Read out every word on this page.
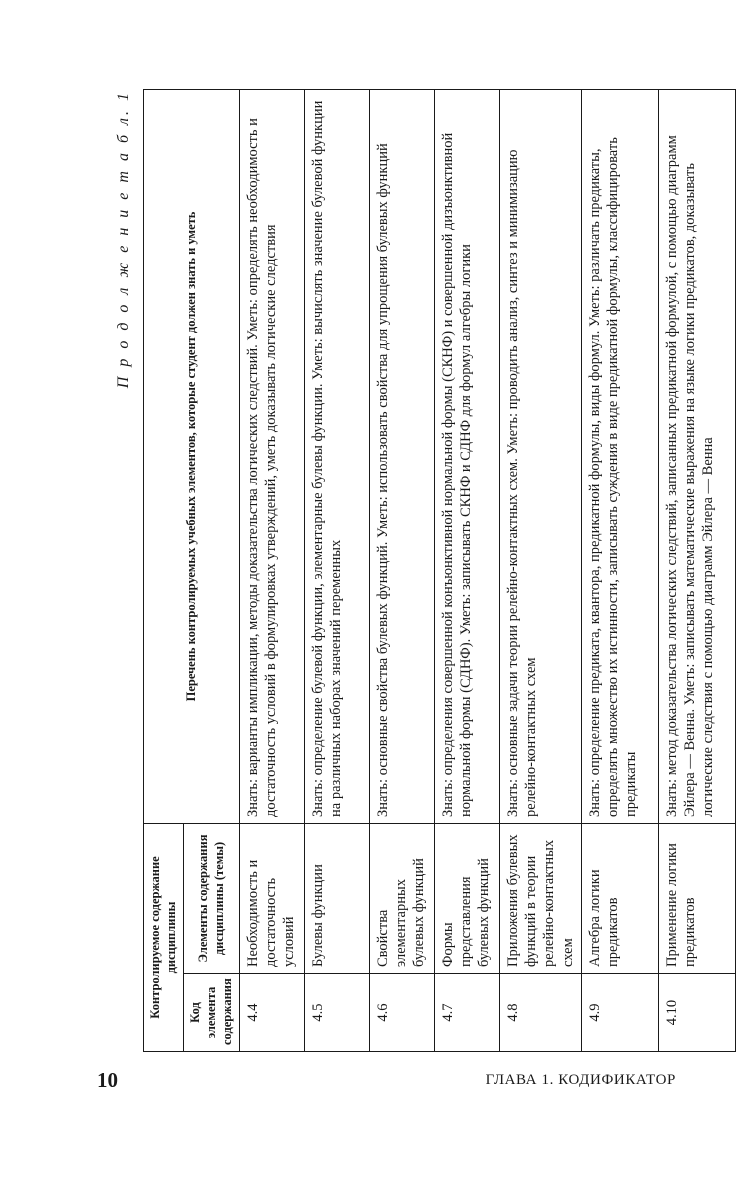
10	ГЛАВА 1. КОДИФИКАТОР
П р о д о л ж е н и е т а б л. 1
Контролируемое содержание дисциплины		Перечень контролируемых учебных элементов, которые студент должен знать и уметь
Код элемента содержания	Элементы содержания дисциплины (темы)	
4.4	Необходимость и достаточность условий	Знать: варианты импликации, методы доказательства логических следствий. Уметь: определять необходимость и достаточность условий в формулировках утверждений, уметь доказывать логические следствия
4.5	Булевы функции	Знать: определение булевой функции, элементарные булевы функции. Уметь: вычислять значение булевой функции на различных наборах значений переменных
4.6	Свойства элементарных булевых функций	Знать: основные свойства булевых функций. Уметь: использовать свойства для упрощения булевых функций
4.7	Формы представления булевых функций	Знать: определения совершенной конъюнктивной нормальной формы (СКНФ) и совершенной дизъюнктивной нормальной формы (СДНФ). Уметь: записывать СКНФ и СДНФ для формул алгебры логики
4.8	Приложения булевых функций в теории релейно-контактных схем	Знать: основные задачи теории релейно-контактных схем. Уметь: проводить анализ, синтез и минимизацию релейно-контактных схем
4.9	Алгебра логики предикатов	Знать: определение предиката, квантора, предикатной формулы, виды формул. Уметь: различать предикаты, определять множество их истинности, записывать суждения в виде предикатной формулы, классифицировать предикаты
4.10	Применение логики предикатов	Знать: метод доказательства логических следствий, записанных предикатной формулой, с помощью диаграмм Эйлера — Венна. Уметь: записывать математические выражения на языке логики предикатов, доказывать логические следствия с помощью диаграмм Эйлера — Венна
